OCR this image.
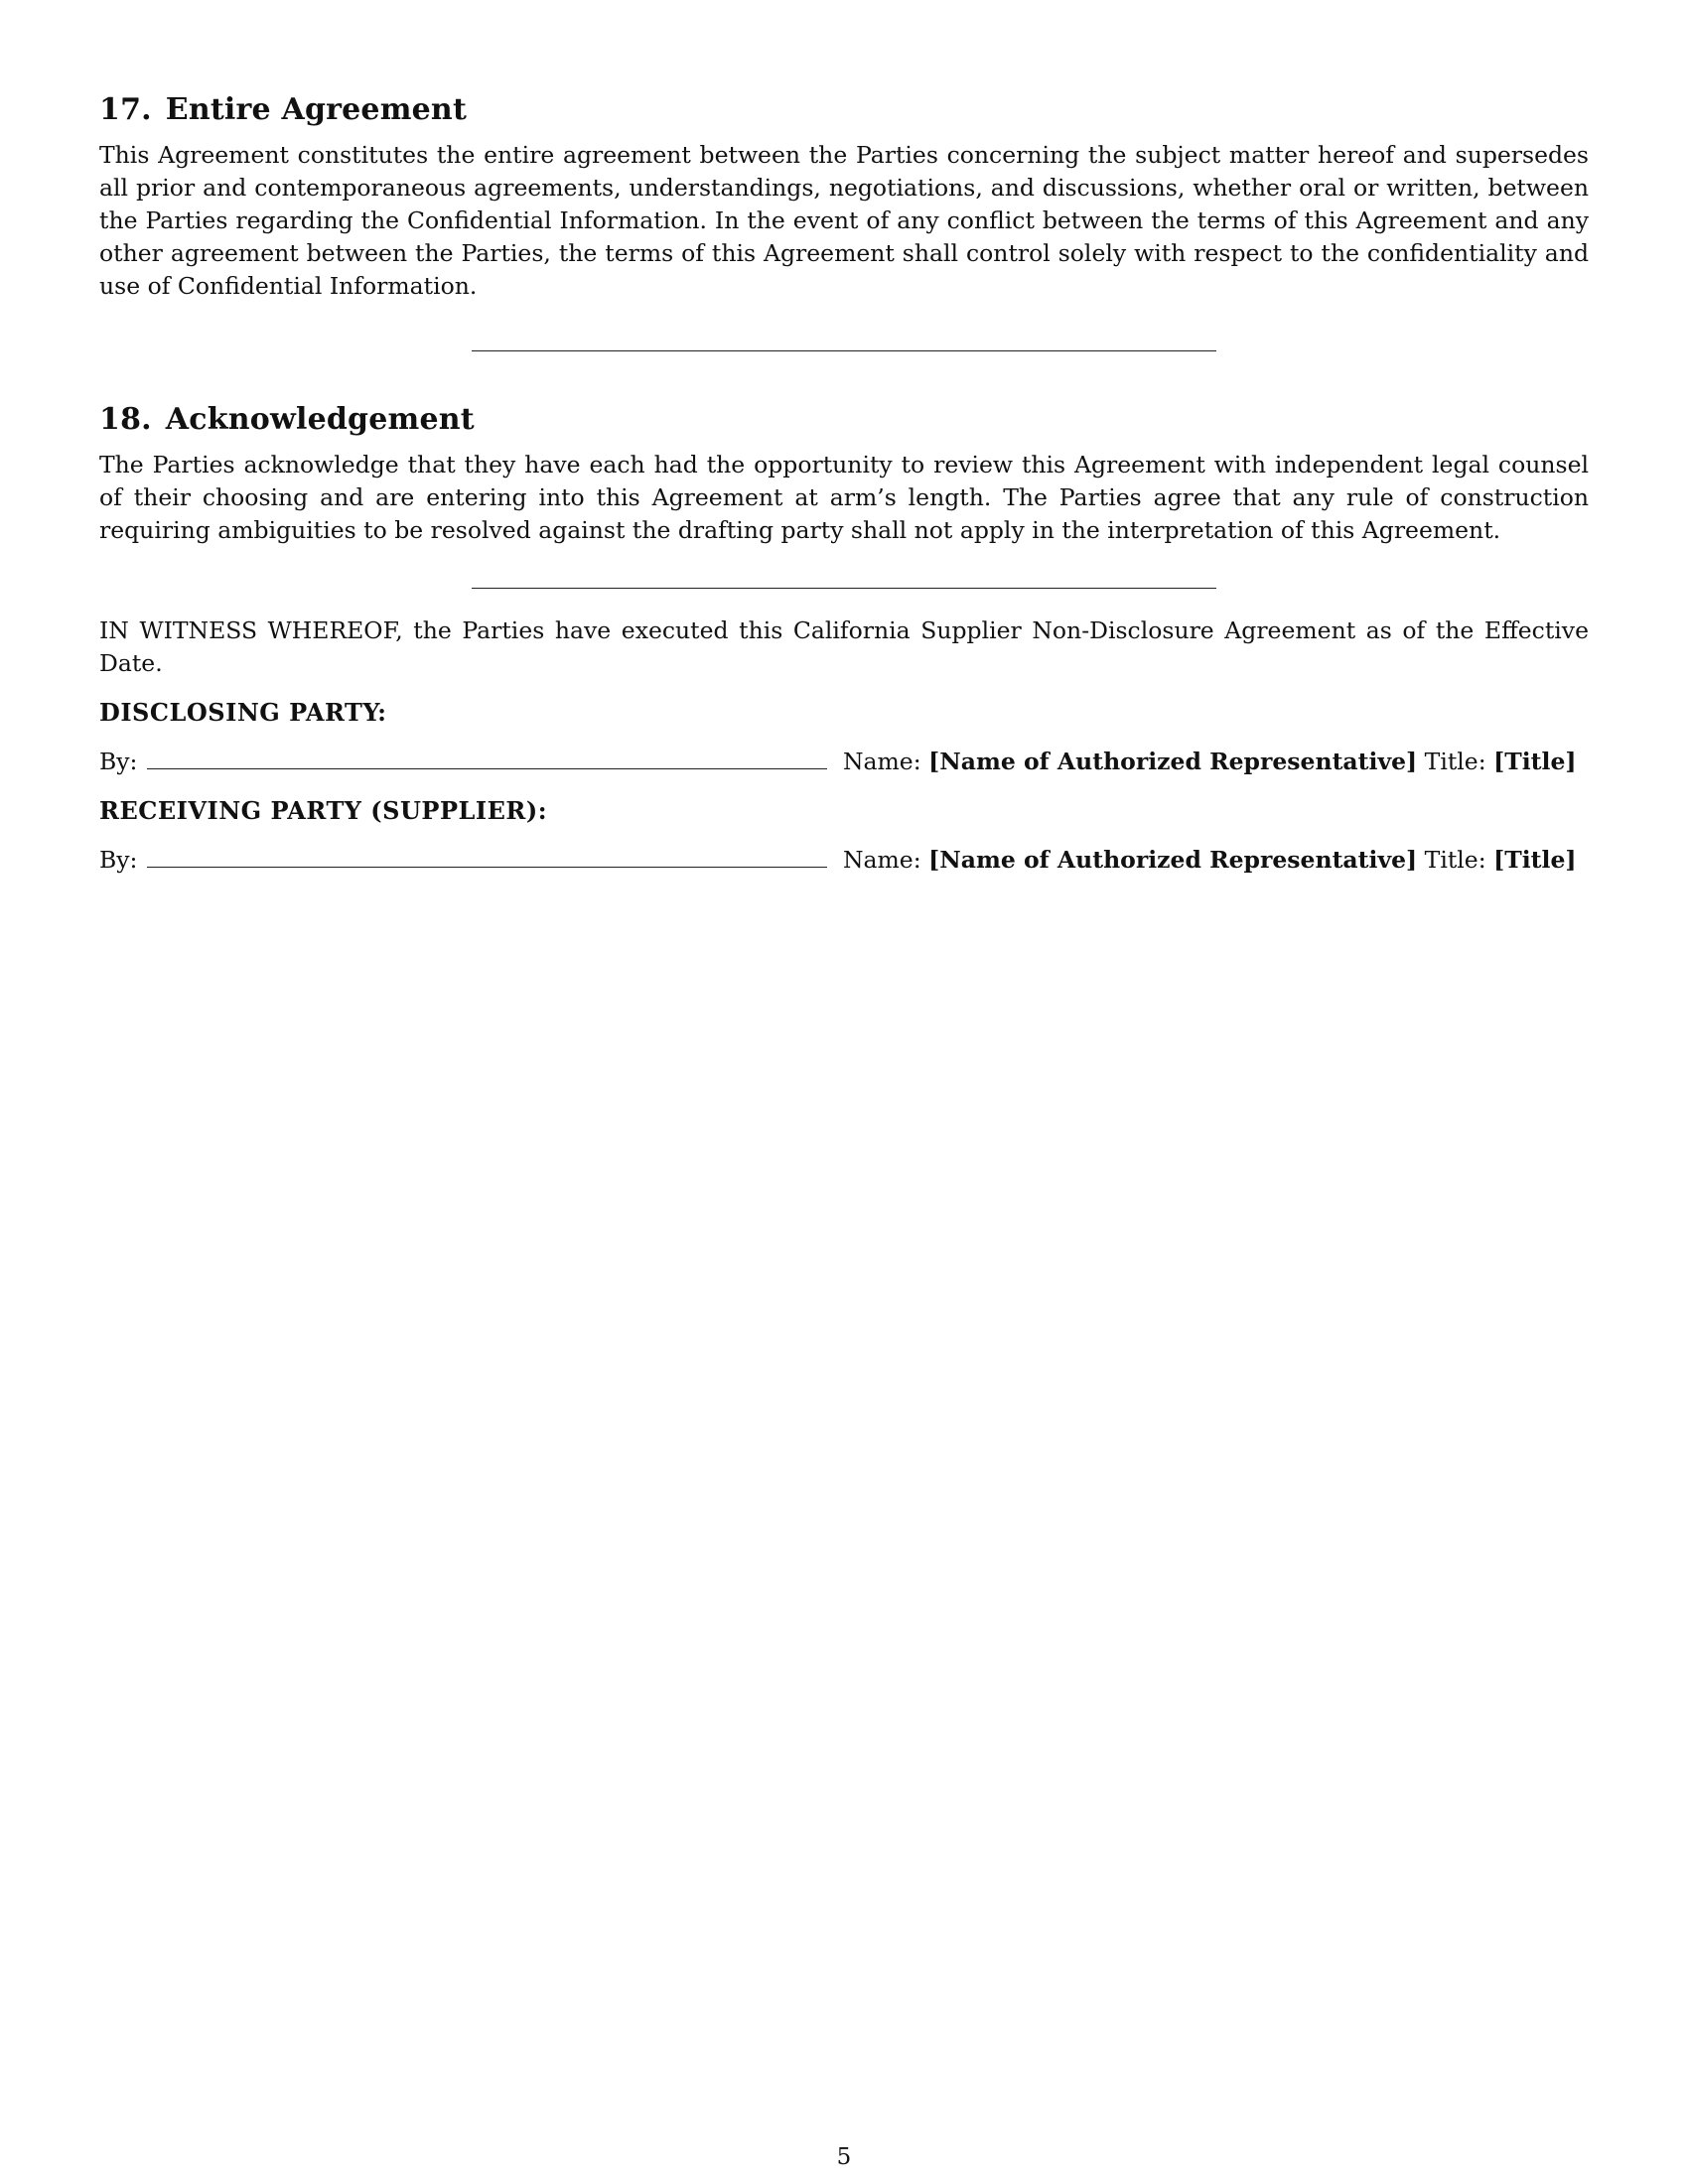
17. Entire Agreement

This Agreement constitutes the entire agreement between the Parties concerning the subject matter hereof and supersedes all prior and contemporaneous agreements, understandings, negotiations, and discussions, whether oral or written, between the Parties regarding the Confidential Information. In the event of any conflict between the terms of this Agreement and any other agreement between the Parties, the terms of this Agreement shall control solely with respect to the confidentiality and use of Confidential Information.

18. Acknowledgement

The Parties acknowledge that they have each had the opportunity to review this Agreement with independent legal counsel of their choosing and are entering into this Agreement at arm’s length. The Parties agree that any rule of construction requiring ambiguities to be resolved against the drafting party shall not apply in the interpretation of this Agreement.

IN WITNESS WHEREOF, the Parties have executed this California Supplier Non-Disclosure Agreement as of the Effective Date.

DISCLOSING PARTY:
By:	Name: [Name of Authorized Representative] Title: [Title]
RECEIVING PARTY (SUPPLIER):
By:	Name: [Name of Authorized Representative] Title: [Title]
5
